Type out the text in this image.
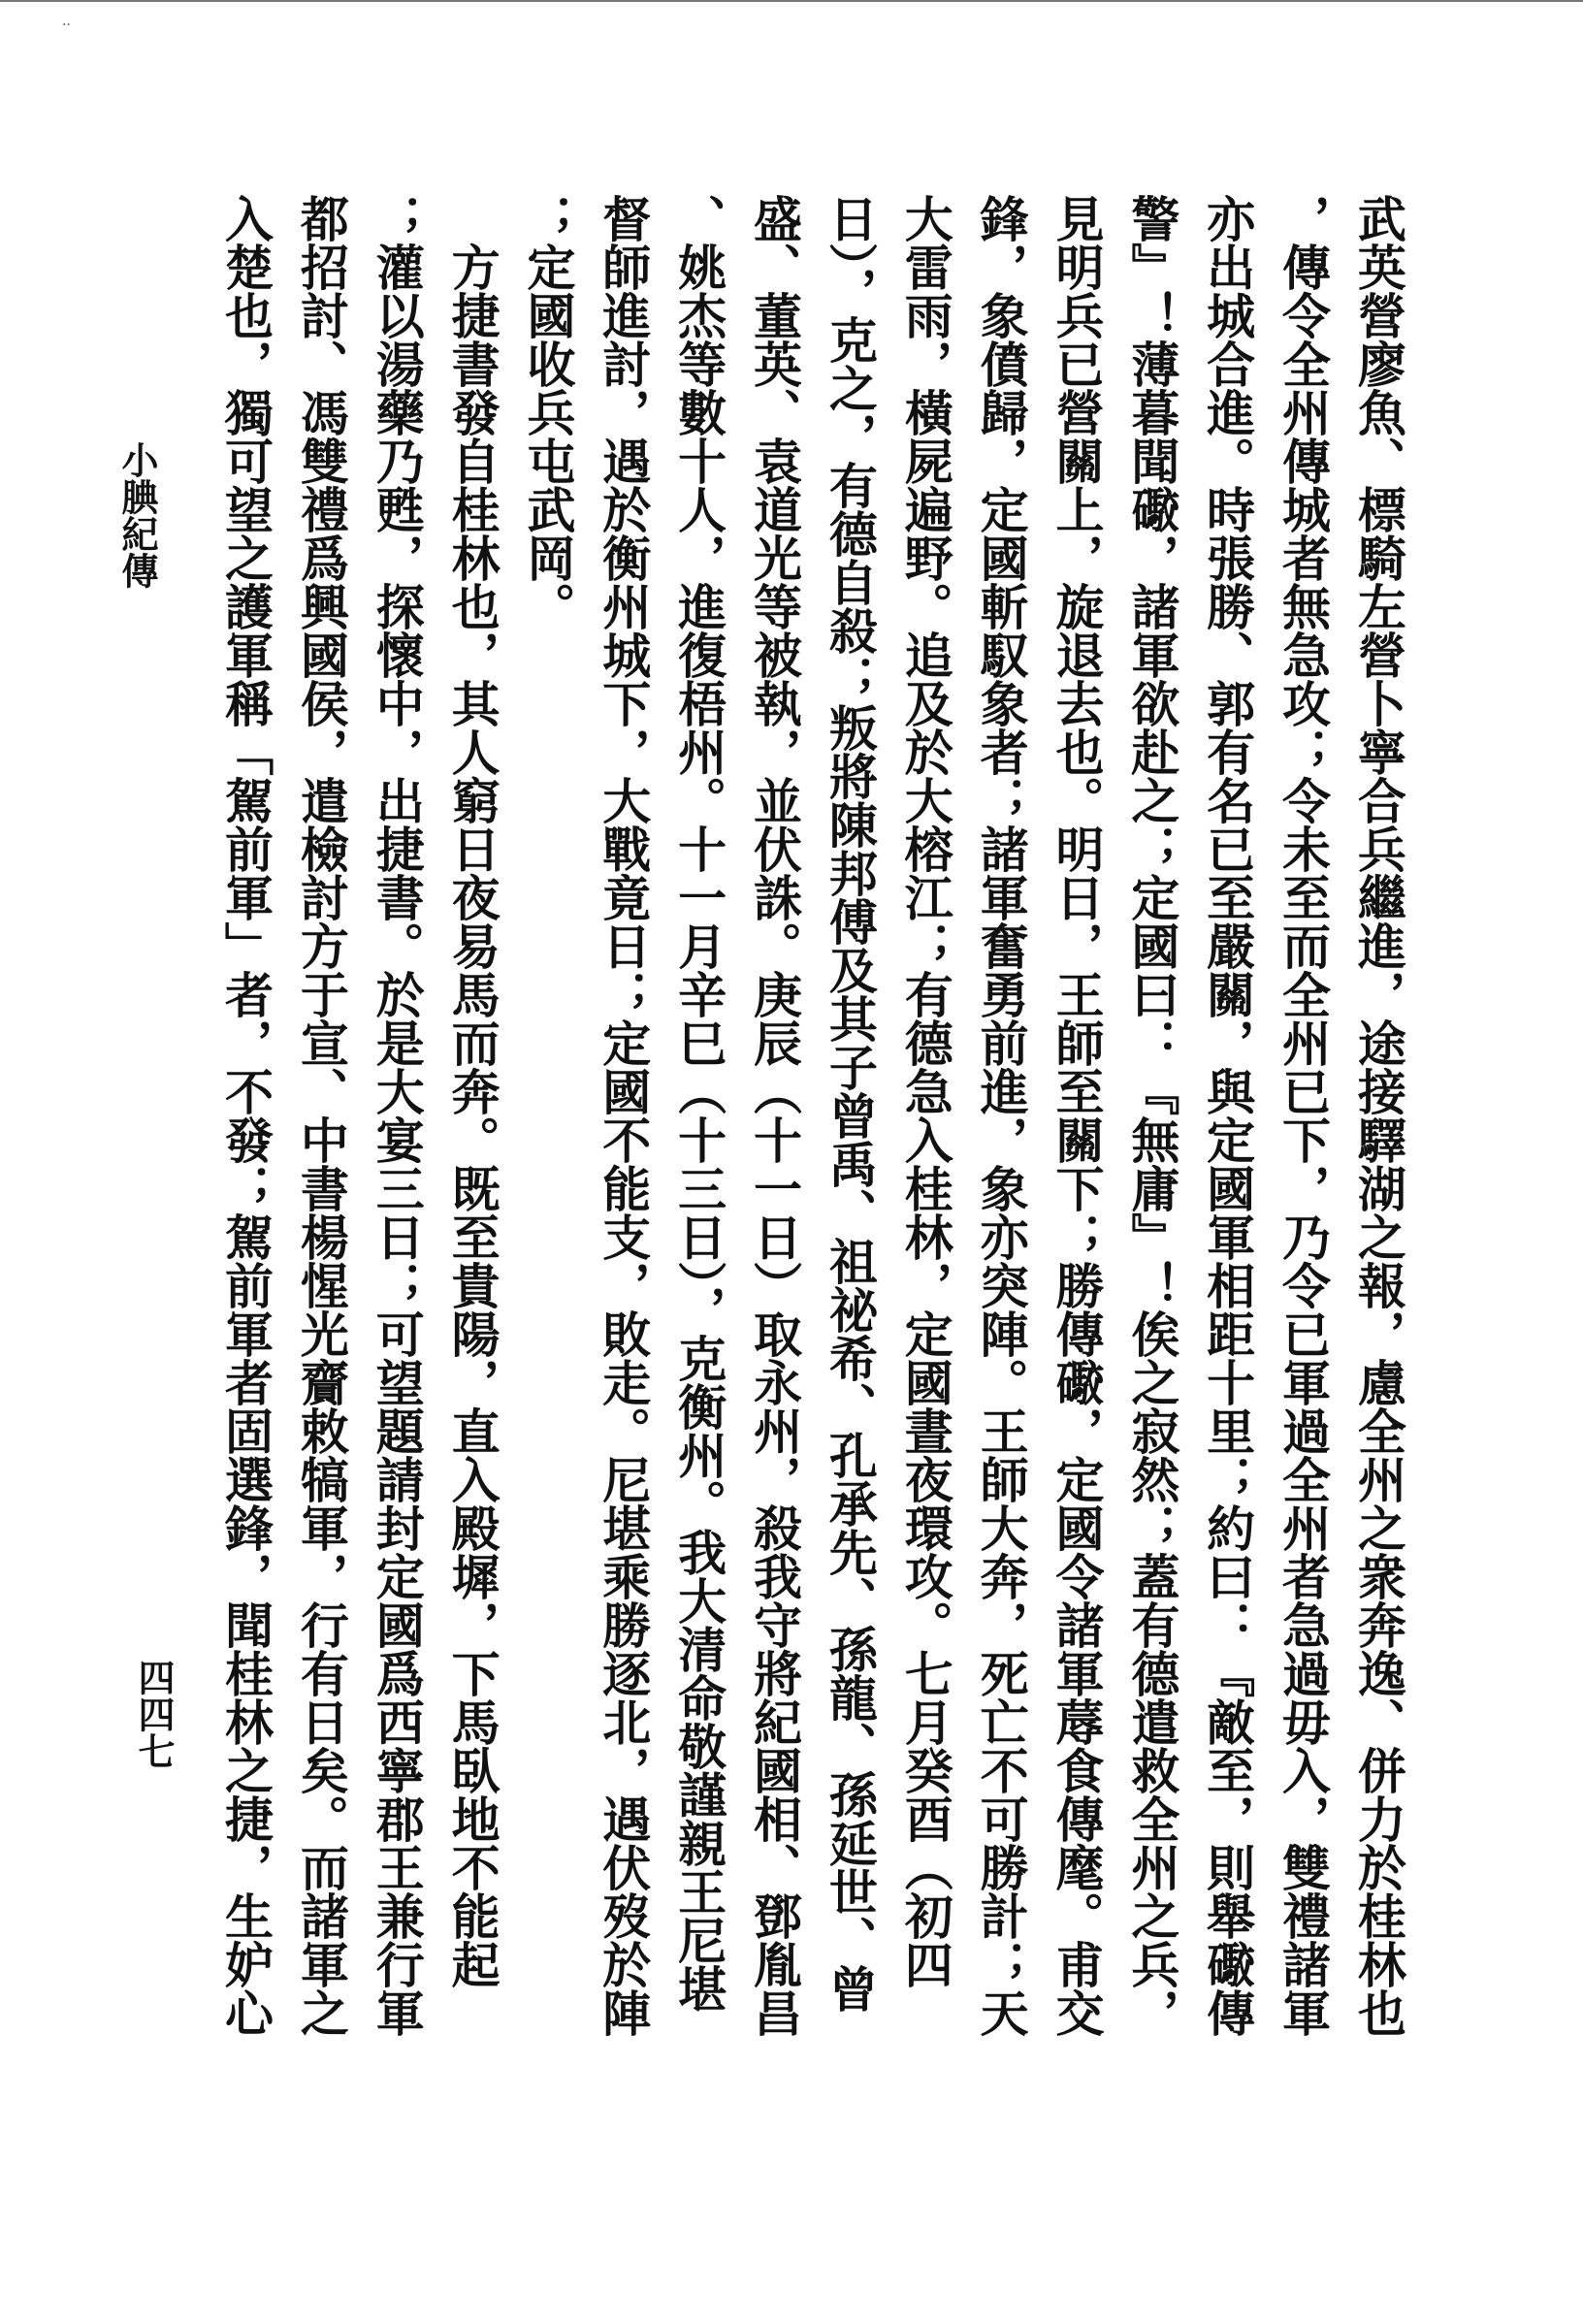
··
武英營廖魚、標騎左營卜寧合兵繼進，途接驛湖之報，慮全州之衆奔逸、併力於桂林也
，傳令全州傳城者無急攻；令未至而全州已下，乃令已軍過全州者急過毋入，雙禮諸軍
亦出城合進。時張勝、郭有名已至嚴關，與定國軍相距十里；約曰：『敵至，則舉礮傳
警』！薄暮聞礮，諸軍欲赴之；定國曰：『無庸』！俟之寂然；蓋有德遣救全州之兵，
見明兵已營關上，旋退去也。明日，王師至關下；勝傳礮，定國令諸軍蓐食傳麾。甫交
鋒，象僨歸，定國斬馭象者；諸軍奮勇前進，象亦突陣。王師大奔，死亡不可勝計；天
大雷雨，橫屍遍野。追及於大榕江；有德急入桂林，定國晝夜環攻。七月癸酉（初四
日），克之，有德自殺；叛將陳邦傅及其子曾禹、祖祕希、孔承先、孫龍、孫延世、曾
盛、董英、袁道光等被執，並伏誅。庚辰（十一日）取永州，殺我守將紀國相、鄧胤昌
、姚杰等數十人，進復梧州。十一月辛巳（十三日），克衡州。我大清命敬謹親王尼堪
督師進討，遇於衡州城下，大戰竟日；定國不能支，敗走。尼堪乘勝逐北，遇伏歿於陣
；定國收兵屯武岡。
方捷書發自桂林也，其人窮日夜易馬而奔。既至貴陽，直入殿墀，下馬臥地不能起
；灌以湯藥乃甦，探懷中，出捷書。於是大宴三日；可望題請封定國爲西寧郡王兼行軍
都招討、馮雙禮爲興國侯，遣檢討方于宣、中書楊惺光齎敕犒軍，行有日矣。而諸軍之
入楚也，獨可望之護軍稱「駕前軍」者，不發；駕前軍者固選鋒，聞桂林之捷，生妒心
小腆紀傳
四四七
